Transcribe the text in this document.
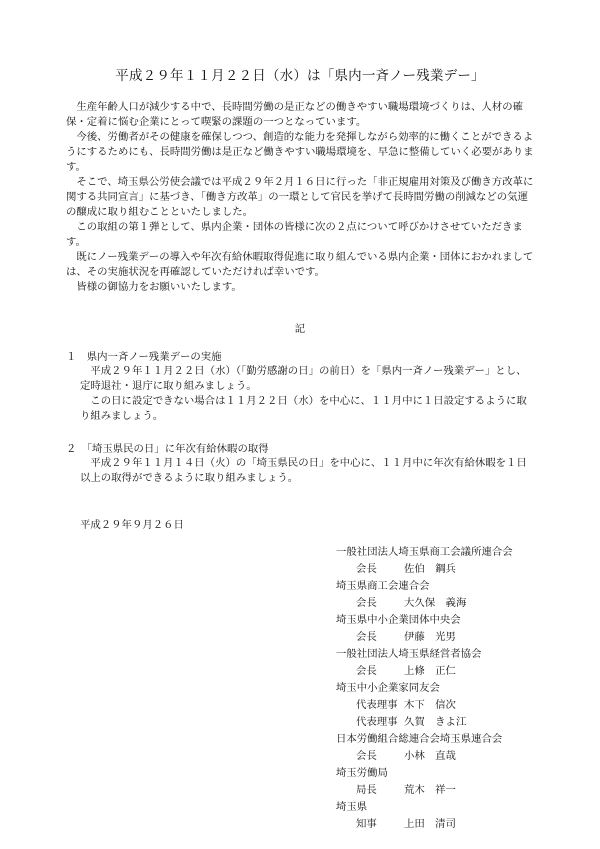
平成２９年１１月２２日（水）は「県内一斉ノー残業デー」

生産年齢人口が減少する中で、長時間労働の是正などの働きやすい職場環境づくりは、人材の確保・定着に悩む企業にとって喫緊の課題の一つとなっています。

今後、労働者がその健康を確保しつつ、創造的な能力を発揮しながら効率的に働くことができるようにするためにも、長時間労働は是正など働きやすい職場環境を、早急に整備していく必要があります。

そこで、埼玉県公労使会議では平成２９年２月１６日に行った「非正規雇用対策及び働き方改革に関する共同宣言」に基づき、「働き方改革」の一環として官民を挙げて長時間労働の削減などの気運の醸成に取り組むことといたしました。

この取組の第１弾として、県内企業・団体の皆様に次の２点について呼びかけさせていただきます。

既にノー残業デーの導入や年次有給休暇取得促進に取り組んでいる県内企業・団体におかれましては、その実施状況を再確認していただければ幸いです。

皆様の御協力をお願いいたします。

記
１　県内一斉ノー残業デーの実施

平成２９年１１月２２日（水）（「勤労感謝の日」の前日）を「県内一斉ノー残業デー」とし、定時退社・退庁に取り組みましょう。

この日に設定できない場合は１１月２２日（水）を中心に、１１月中に１日設定するように取り組みましょう。

２　「埼玉県民の日」に年次有給休暇の取得

平成２９年１１月１４日（火）の「埼玉県民の日」を中心に、１１月中に年次有給休暇を１日以上の取得ができるように取り組みましょう。

平成２９年９月２６日
一般社団法人埼玉県商工会議所連合会
会長	佐伯　鋼兵
埼玉県商工会連合会
会長	大久保　義海
埼玉県中小企業団体中央会
会長	伊藤　光男
一般社団法人埼玉県経営者協会
会長	上條　正仁
埼玉中小企業家同友会
代表理事 木下　信次
代表理事 久賀　きよ江
日本労働組合総連合会埼玉県連合会
会長	小林　直哉
埼玉労働局
局長	荒木　祥一
埼玉県
知事	上田　清司
